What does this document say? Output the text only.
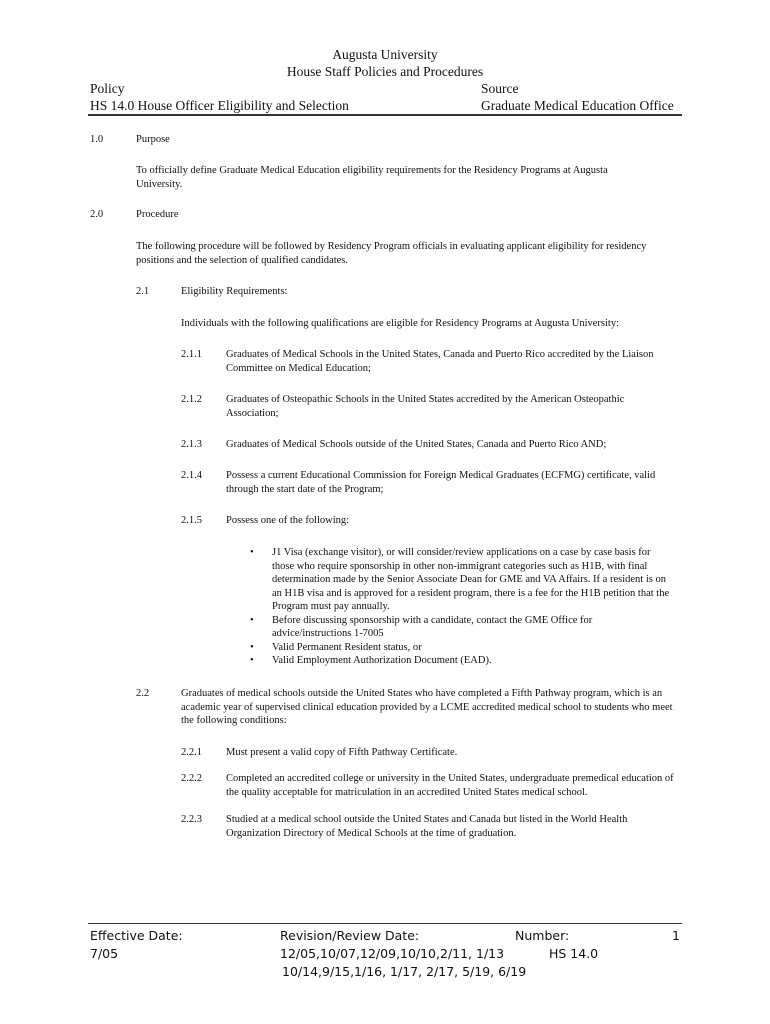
Augusta University
House Staff Policies and Procedures
Policy
HS 14.0 House Officer Eligibility and Selection
Source
Graduate Medical Education Office
1.0	Purpose
To officially define Graduate Medical Education eligibility requirements for the Residency Programs at Augusta University.
2.0	Procedure
The following procedure will be followed by Residency Program officials in evaluating applicant eligibility for residency positions and the selection of qualified candidates.
2.1	Eligibility Requirements:
Individuals with the following qualifications are eligible for Residency Programs at Augusta University:
2.1.1 Graduates of Medical Schools in the United States, Canada and Puerto Rico accredited by the Liaison Committee on Medical Education;
2.1.2 Graduates of Osteopathic Schools in the United States accredited by the American Osteopathic Association;
2.1.3 Graduates of Medical Schools outside of the United States, Canada and Puerto Rico AND;
2.1.4 Possess a current Educational Commission for Foreign Medical Graduates (ECFMG) certificate, valid through the start date of the Program;
2.1.5 Possess one of the following:
• J1 Visa (exchange visitor), or will consider/review applications on a case by case basis for those who require sponsorship in other non-immigrant categories such as H1B, with final determination made by the Senior Associate Dean for GME and VA Affairs. If a resident is on an H1B visa and is approved for a resident program, there is a fee for the H1B petition that the Program must pay annually.
• Before discussing sponsorship with a candidate, contact the GME Office for advice/instructions 1-7005
• Valid Permanent Resident status, or
• Valid Employment Authorization Document (EAD).
2.2	Graduates of medical schools outside the United States who have completed a Fifth Pathway program, which is an academic year of supervised clinical education provided by a LCME accredited medical school to students who meet the following conditions:
2.2.1 Must present a valid copy of Fifth Pathway Certificate.
2.2.2 Completed an accredited college or university in the United States, undergraduate premedical education of the quality acceptable for matriculation in an accredited United States medical school.
2.2.3 Studied at a medical school outside the United States and Canada but listed in the World Health Organization Directory of Medical Schools at the time of graduation.
Effective Date:
7/05
Revision/Review Date:
12/05,10/07,12/09,10/10,2/11, 1/13
10/14,9/15,1/16, 1/17, 2/17, 5/19, 6/19
Number:
HS 14.0
1
